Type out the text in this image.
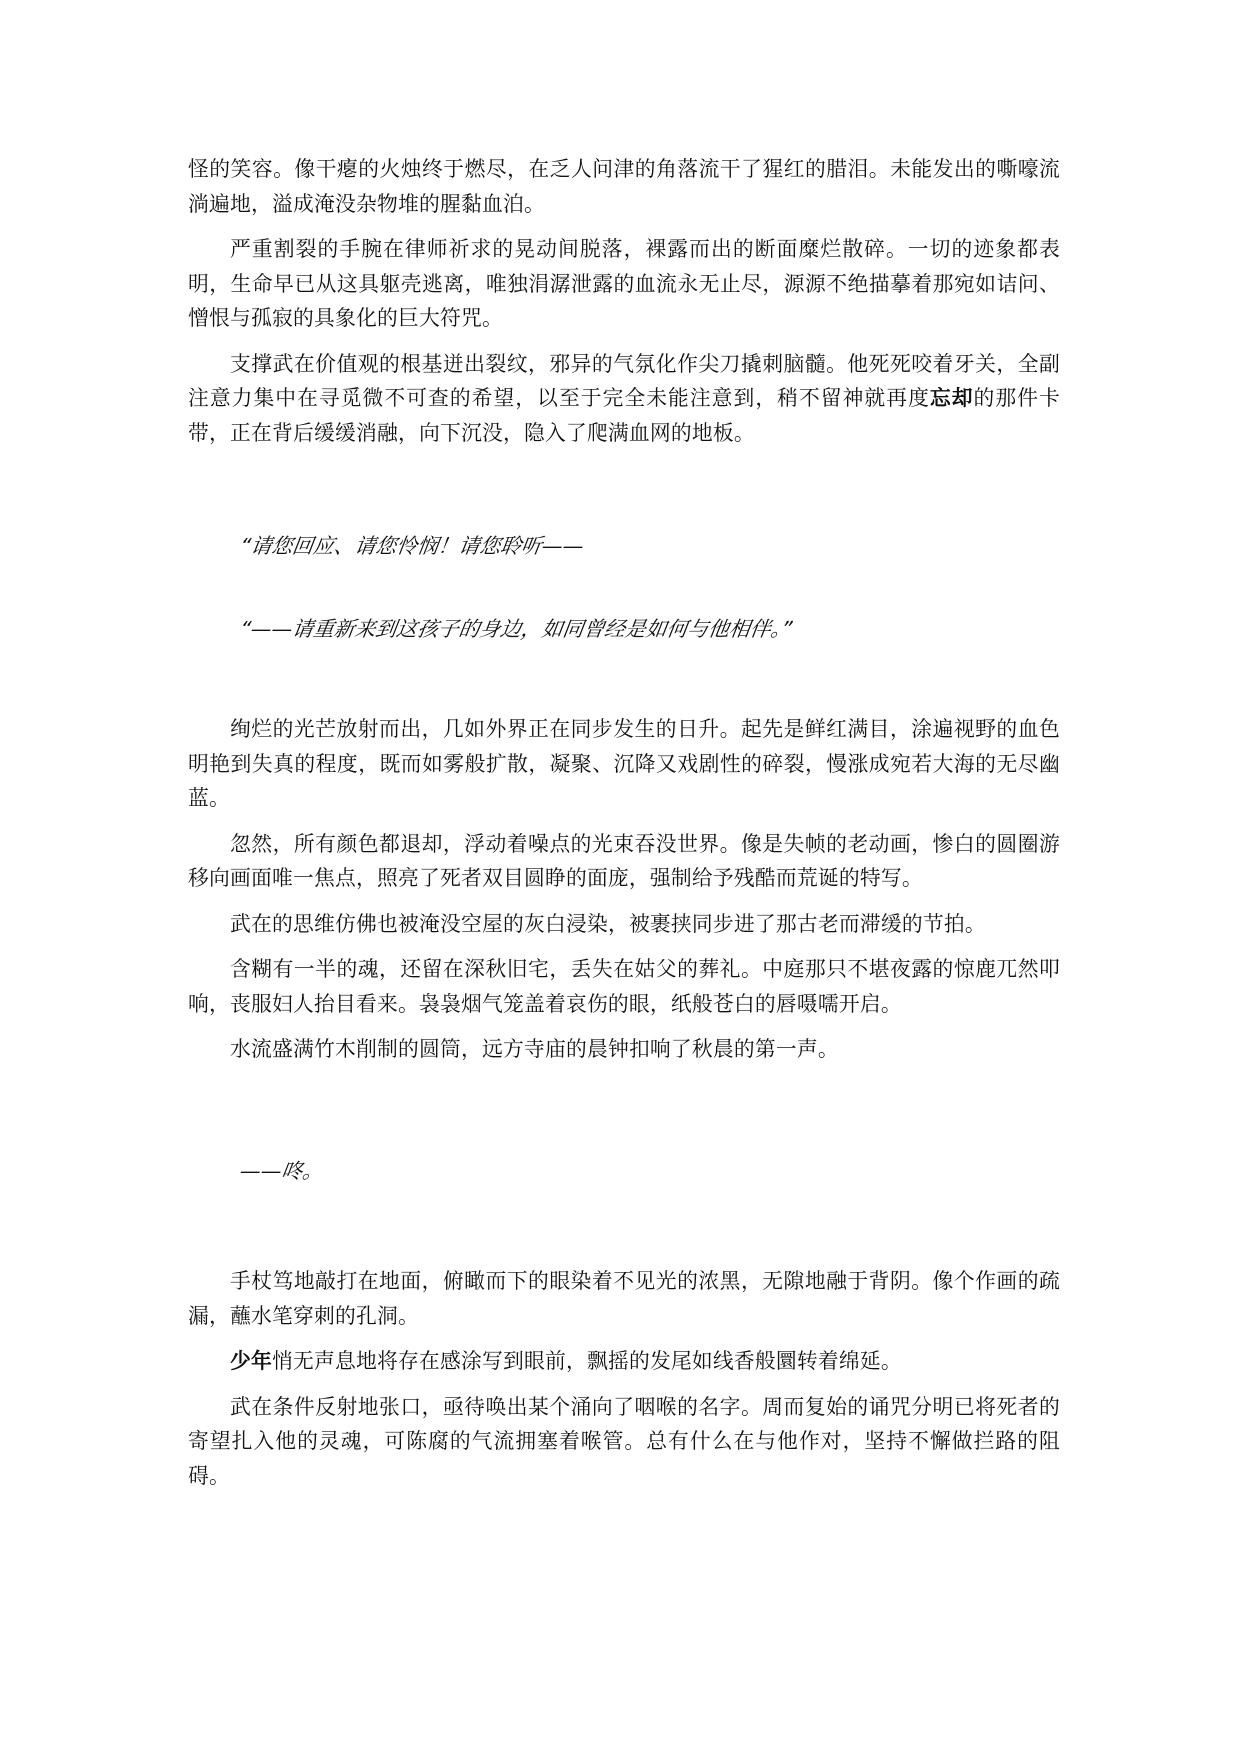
怪的笑容。像干瘪的火烛终于燃尽，在乏人问津的角落流干了猩红的腊泪。未能发出的嘶嚎流淌遍地，溢成淹没杂物堆的腥黏血泊。

严重割裂的手腕在律师祈求的晃动间脱落，裸露而出的断面糜烂散碎。一切的迹象都表明，生命早已从这具躯壳逃离，唯独涓潺泄露的血流永无止尽，源源不绝描摹着那宛如诘问、憎恨与孤寂的具象化的巨大符咒。

支撑武在价值观的根基迸出裂纹，邪异的气氛化作尖刀撬刺脑髓。他死死咬着牙关，全副注意力集中在寻觅微不可查的希望，以至于完全未能注意到，稍不留神就再度忘却的那件卡带，正在背后缓缓消融，向下沉没，隐入了爬满血网的地板。

“请您回应、请您怜悯！请您聆听——

“——请重新来到这孩子的身边，如同曾经是如何与他相伴。”

绚烂的光芒放射而出，几如外界正在同步发生的日升。起先是鲜红满目，涂遍视野的血色明艳到失真的程度，既而如雾般扩散，凝聚、沉降又戏剧性的碎裂，慢涨成宛若大海的无尽幽蓝。

忽然，所有颜色都退却，浮动着噪点的光束吞没世界。像是失帧的老动画，惨白的圆圈游移向画面唯一焦点，照亮了死者双目圆睁的面庞，强制给予残酷而荒诞的特写。

武在的思维仿佛也被淹没空屋的灰白浸染，被裹挟同步进了那古老而滞缓的节拍。

含糊有一半的魂，还留在深秋旧宅，丢失在姑父的葬礼。中庭那只不堪夜露的惊鹿兀然叩响，丧服妇人抬目看来。袅袅烟气笼盖着哀伤的眼，纸般苍白的唇嗫嚅开启。

水流盛满竹木削制的圆筒，远方寺庙的晨钟扣响了秋晨的第一声。

——咚。

手杖笃地敲打在地面，俯瞰而下的眼染着不见光的浓黑，无隙地融于背阴。像个作画的疏漏，蘸水笔穿刺的孔洞。

少年悄无声息地将存在感涂写到眼前，飘摇的发尾如线香般圜转着绵延。

武在条件反射地张口，亟待唤出某个涌向了咽喉的名字。周而复始的诵咒分明已将死者的寄望扎入他的灵魂，可陈腐的气流拥塞着喉管。总有什么在与他作对，坚持不懈做拦路的阻碍。
